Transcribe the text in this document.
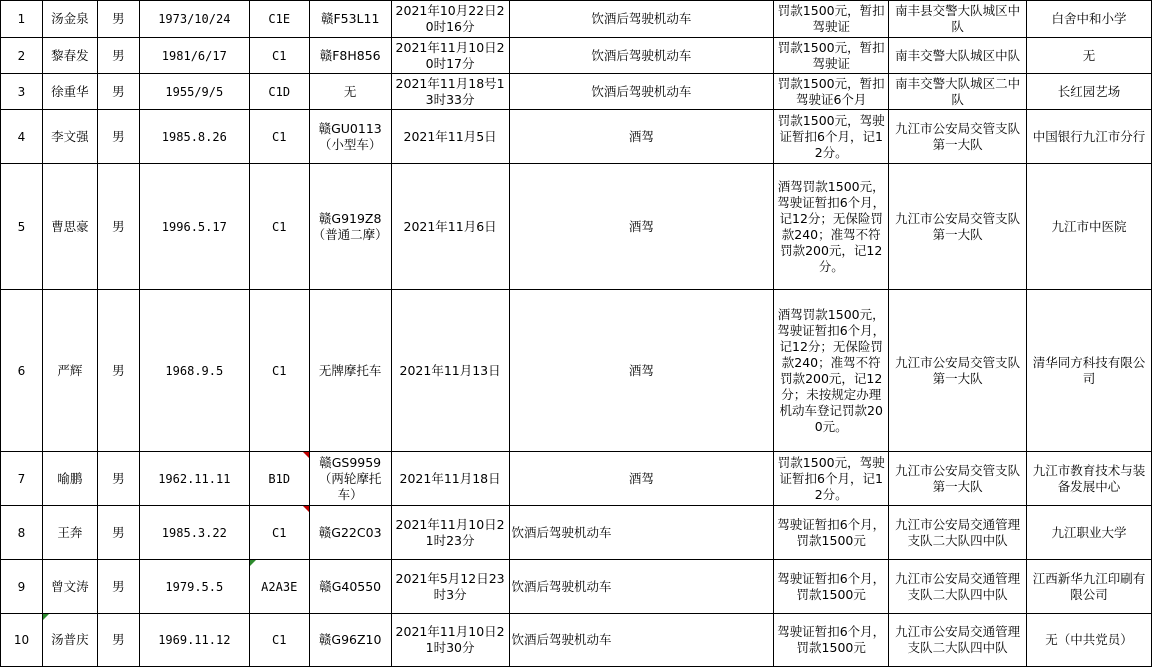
1	汤金泉	男	1973/10/24	C1E	赣F53L11	2021年10月22日20时16分	饮酒后驾驶机动车	罚款1500元，暂扣驾驶证	南丰县交警大队城区中队	白舍中和小学
2	黎春发	男	1981/6/17	C1	赣F8H856	2021年11月10日20时17分	饮酒后驾驶机动车	罚款1500元，暂扣驾驶证	南丰交警大队城区中队	无
3	徐重华	男	1955/9/5	C1D	无	2021年11月18号13时33分	饮酒后驾驶机动车	罚款1500元，暂扣驾驶证6个月	南丰交警大队城区二中队	长红园艺场
4	李文强	男	1985.8.26	C1	赣GU0113（小型车）	2021年11月5日	酒驾	罚款1500元，驾驶证暂扣6个月，记12分。	九江市公安局交管支队第一大队	中国银行九江市分行
5	曹思豪	男	1996.5.17	C1	赣G919Z8（普通二摩）	2021年11月6日	酒驾	酒驾罚款1500元，驾驶证暂扣6个月，记12分；无保险罚款240；准驾不符罚款200元，记12分。	九江市公安局交管支队第一大队	九江市中医院
6	严辉	男	1968.9.5	C1	无牌摩托车	2021年11月13日	酒驾	酒驾罚款1500元，驾驶证暂扣6个月，记12分；无保险罚款240；准驾不符罚款200元，记12分；未按规定办理机动车登记罚款200元。	九江市公安局交管支队第一大队	清华同方科技有限公司
7	喻鹏	男	1962.11.11	B1D	赣GS9959（两轮摩托车）	2021年11月18日	酒驾	罚款1500元，驾驶证暂扣6个月，记12分。	九江市公安局交管支队第一大队	九江市教育技术与装备发展中心
8	王奔	男	1985.3.22	C1	赣G22C03	2021年11月10日21时23分	饮酒后驾驶机动车	驾驶证暂扣6个月，罚款1500元	九江市公安局交通管理支队二大队四中队	九江职业大学
9	曾文涛	男	1979.5.5	A2A3E	赣G40550	2021年5月12日23时3分	饮酒后驾驶机动车	驾驶证暂扣6个月，罚款1500元	九江市公安局交通管理支队二大队四中队	江西新华九江印刷有限公司
10	汤普庆	男	1969.11.12	C1	赣G96Z10	2021年11月10日21时30分	饮酒后驾驶机动车	驾驶证暂扣6个月，罚款1500元	九江市公安局交通管理支队二大队四中队	无（中共党员）
